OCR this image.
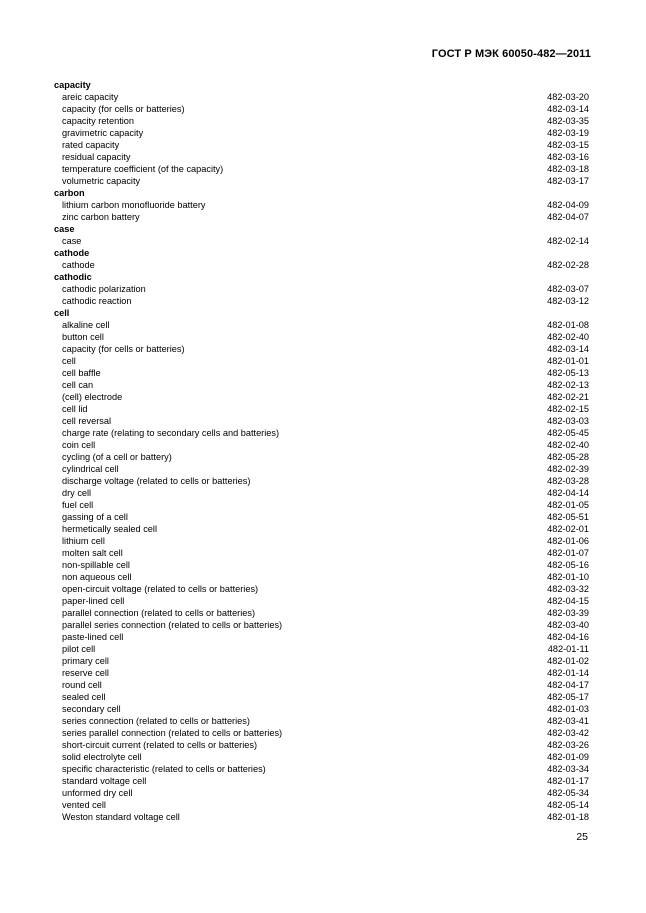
ГОСТ Р МЭК 60050-482—2011
capacity
areic capacity	482-03-20
capacity (for cells or batteries)	482-03-14
capacity retention	482-03-35
gravimetric capacity	482-03-19
rated capacity	482-03-15
residual capacity	482-03-16
temperature coefficient (of the capacity)	482-03-18
volumetric capacity	482-03-17
carbon
lithium carbon monofluoride battery	482-04-09
zinc carbon battery	482-04-07
case
case	482-02-14
cathode
cathode	482-02-28
cathodic
cathodic polarization	482-03-07
cathodic reaction	482-03-12
cell
alkaline cell	482-01-08
button cell	482-02-40
capacity (for cells or batteries)	482-03-14
cell	482-01-01
cell baffle	482-05-13
cell can	482-02-13
(cell) electrode	482-02-21
cell lid	482-02-15
cell reversal	482-03-03
charge rate (relating to secondary cells and batteries)	482-05-45
coin cell	482-02-40
cycling (of a cell or battery)	482-05-28
cylindrical cell	482-02-39
discharge voltage (related to cells or batteries)	482-03-28
dry cell	482-04-14
fuel cell	482-01-05
gassing of a cell	482-05-51
hermetically sealed cell	482-02-01
lithium cell	482-01-06
molten salt cell	482-01-07
non-spillable cell	482-05-16
non aqueous cell	482-01-10
open-circuit voltage (related to cells or batteries)	482-03-32
paper-lined cell	482-04-15
parallel connection (related to cells or batteries)	482-03-39
parallel series connection (related to cells or batteries)	482-03-40
paste-lined cell	482-04-16
pilot cell	482-01-11
primary cell	482-01-02
reserve cell	482-01-14
round cell	482-04-17
sealed cell	482-05-17
secondary cell	482-01-03
series connection (related to cells or batteries)	482-03-41
series parallel connection (related to cells or batteries)	482-03-42
short-circuit current (related to cells or batteries)	482-03-26
solid electrolyte cell	482-01-09
specific characteristic (related to cells or batteries)	482-03-34
standard voltage cell	482-01-17
unformed dry cell	482-05-34
vented cell	482-05-14
Weston standard voltage cell	482-01-18
25
